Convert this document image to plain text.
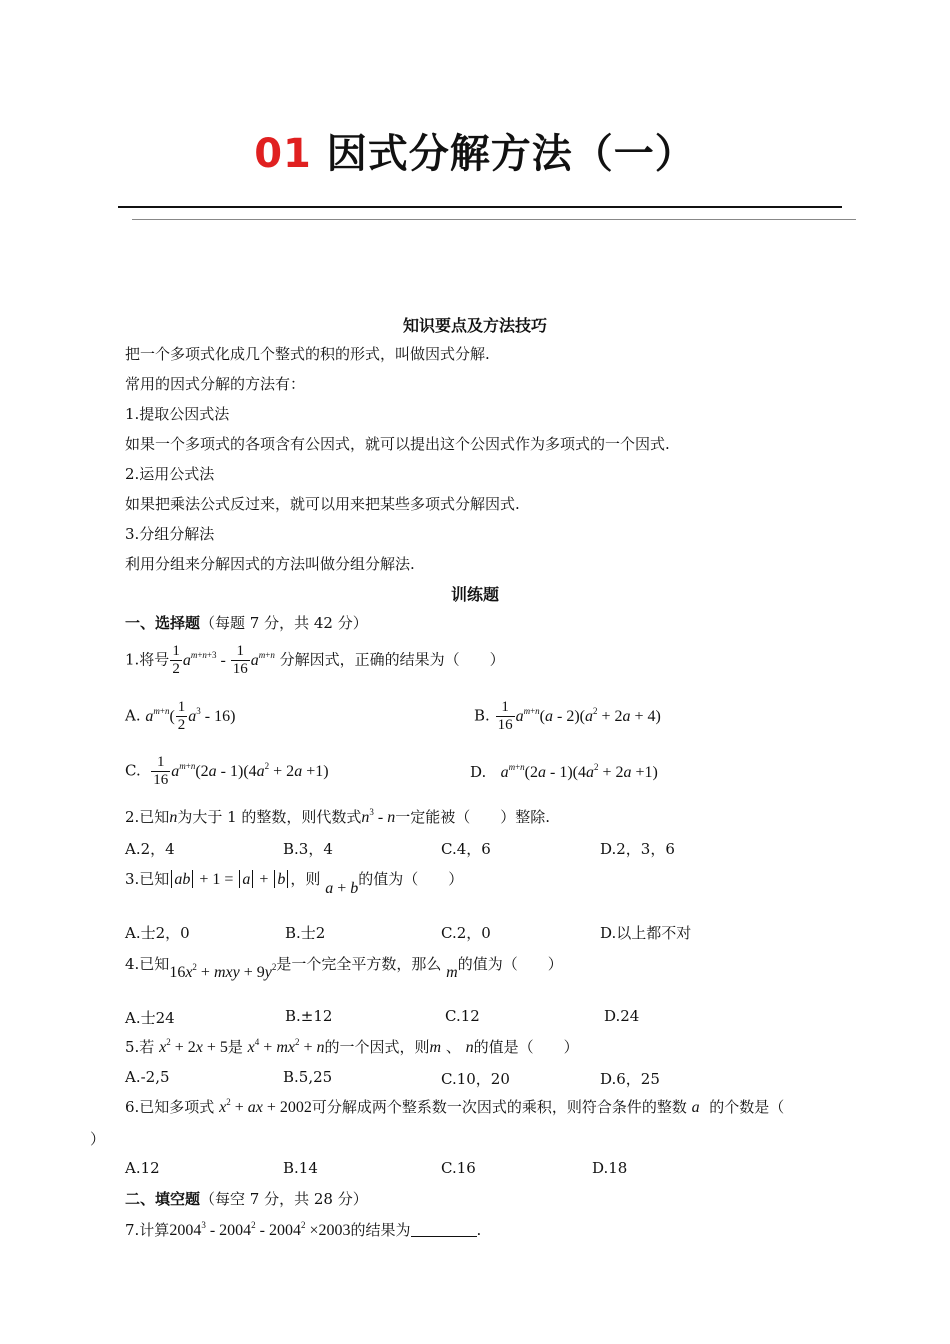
01 因式分解方法（一）
知识要点及方法技巧
把一个多项式化成几个整式的积的形式，叫做因式分解.
常用的因式分解的方法有：
1.提取公因式法
如果一个多项式的各项含有公因式，就可以提出这个公因式作为多项式的一个因式.
2.运用公式法
如果把乘法公式反过来，就可以用来把某些多项式分解因式.
3.分组分解法
利用分组来分解因式的方法叫做分组分解法.
训练题
一、选择题（每题 7 分，共 42 分）
1.将号 $\frac{1}{2} a^{m+n+3} - \frac{1}{16} a^{m+n}$ 分解因式，正确的结果为（　　）
A. $a^{m+n}( \frac{1}{2} a^3 - 16)$	B. $\frac{1}{16} a^{m+n}(a - 2)(a^2 + 2a + 4)$
C. $\frac{1}{16} a^{m+n}(2a - 1)(4a^2 + 2a +1)$	D. $a^{m+n}(2a - 1)(4a^2 + 2a +1)$
2.已知n为大于 1 的整数，则代数式$n^3$ - n一定能被（　　）整除.
A.2，4	B.3，4	C.4，6	D.2，3，6
3.已知 ab + 1 = a + b ，则 a + b的值为（　　）
A.士2，0	B.士2	C.2，0	D.以上都不对
4.已知$16x^2$ + mxy + $9y^2$是一个完全平方数，那么 m的值为（　　）
A.士24	B.±12	C.12	D.24
5.若 $x^2 + 2x + 5$是 $x^4 + mx^2 + n$的一个因式，则m 、 n的值是（　　）
A.-2,5	B.5,25	C.10，20	D.6，25
6.已知多项式 $x^2$ + ax + 2002可分解成两个整系数一次因式的乘积，则符合条件的整数 a 的个数是（
）
A.12	B.14	C.16	D.18
二、填空题（每空 7 分，共 28 分）
7.计算$2004^3 - 2004^2 - 2004^2 \times 2003$的结果为	.
